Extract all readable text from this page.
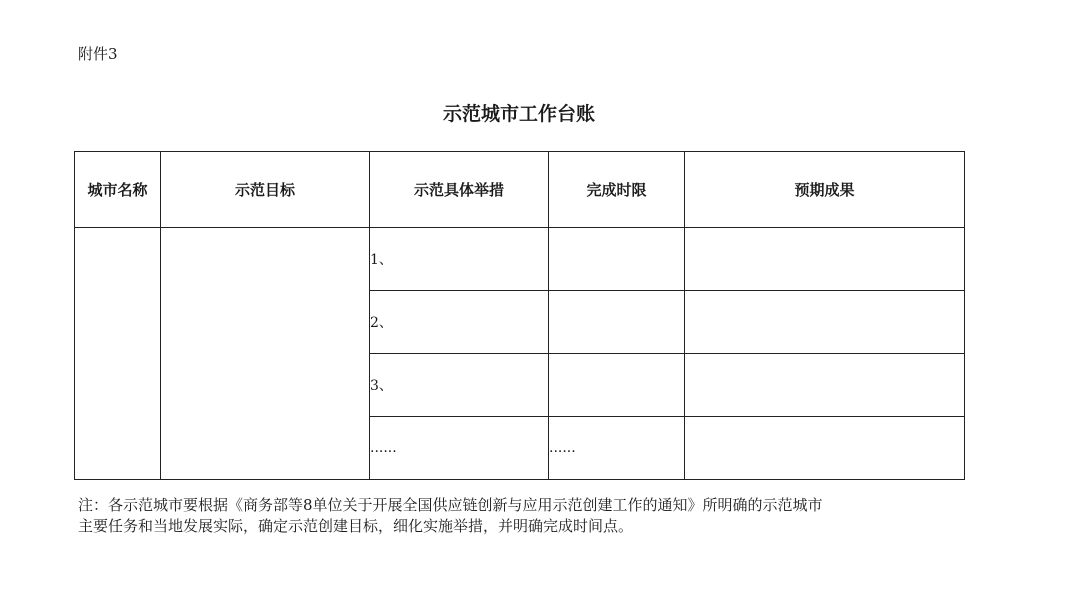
附件3
示范城市工作台账
城市名称	示范目标	示范具体举措	完成时限	预期成果
		1、		
		2、		
		3、		
		......	......	
注：各示范城市要根据《商务部等8单位关于开展全国供应链创新与应用示范创建工作的通知》所明确的示范城市
主要任务和当地发展实际，确定示范创建目标，细化实施举措，并明确完成时间点。
